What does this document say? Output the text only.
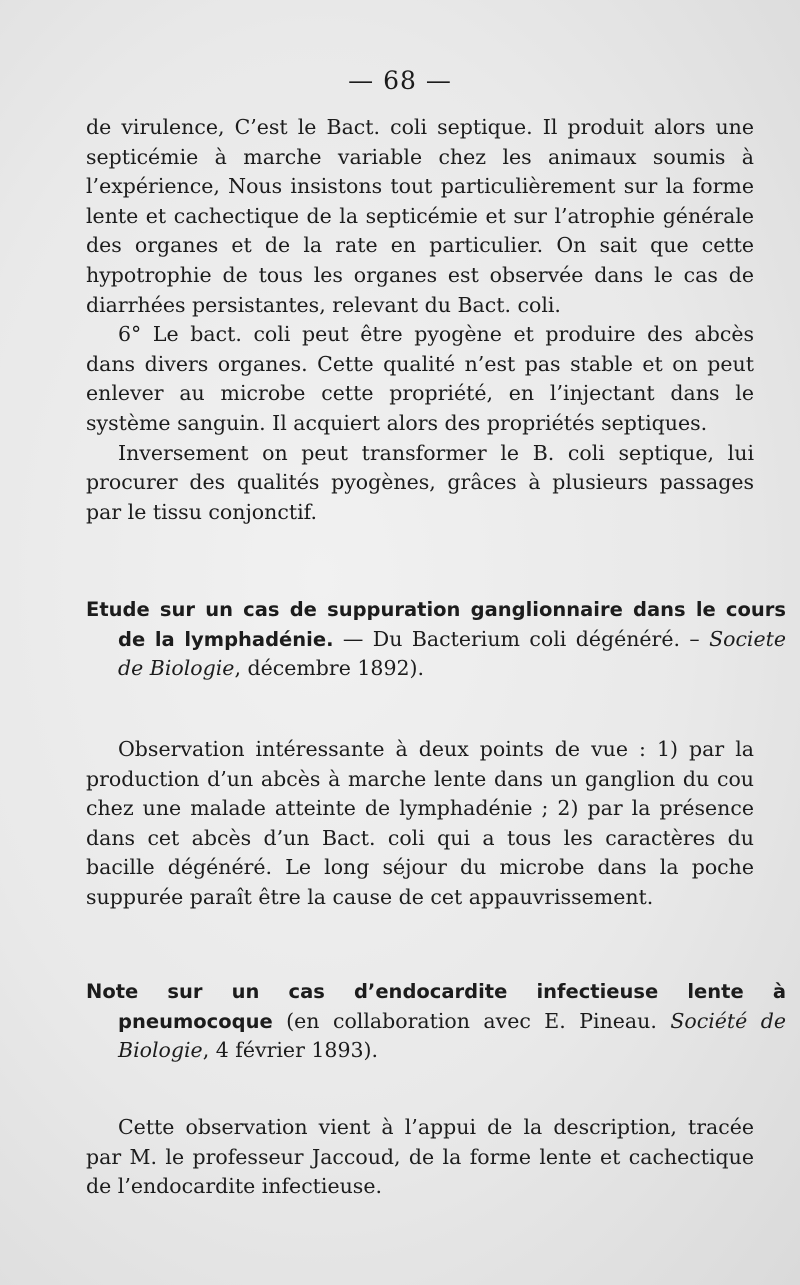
— 68 —

de virulence, C’est le Bact. coli septique. Il produit alors une septicémie à marche variable chez les animaux soumis à l’expérience, Nous insistons tout particulièrement sur la forme lente et cachectique de la septicémie et sur l’atrophie générale des organes et de la rate en particulier. On sait que cette hypotrophie de tous les organes est observée dans le cas de diarrhées persistantes, relevant du Bact. coli.

6° Le bact. coli peut être pyogène et produire des abcès dans divers organes. Cette qualité n’est pas stable et on peut enlever au microbe cette propriété, en l’injectant dans le système sanguin. Il acquiert alors des propriétés septiques.

Inversement on peut transformer le B. coli septique, lui procurer des qualités pyogènes, grâces à plusieurs passages par le tissu conjonctif.

Etude sur un cas de suppuration ganglionnaire dans le cours de la lymphadénie. — Du Bacterium coli dégénéré. – Societe de Biologie, décembre 1892).

Observation intéressante à deux points de vue : 1) par la production d’un abcès à marche lente dans un ganglion du cou chez une malade atteinte de lymphadénie ; 2) par la présence dans cet abcès d’un Bact. coli qui a tous les caractères du bacille dégénéré. Le long séjour du microbe dans la poche suppurée paraît être la cause de cet appauvrissement.

Note sur un cas d’endocardite infectieuse lente à pneumocoque (en collaboration avec E. Pineau. Société de Biologie, 4 février 1893).

Cette observation vient à l’appui de la description, tracée par M. le professeur Jaccoud, de la forme lente et cachectique de l’endocardite infectieuse.
